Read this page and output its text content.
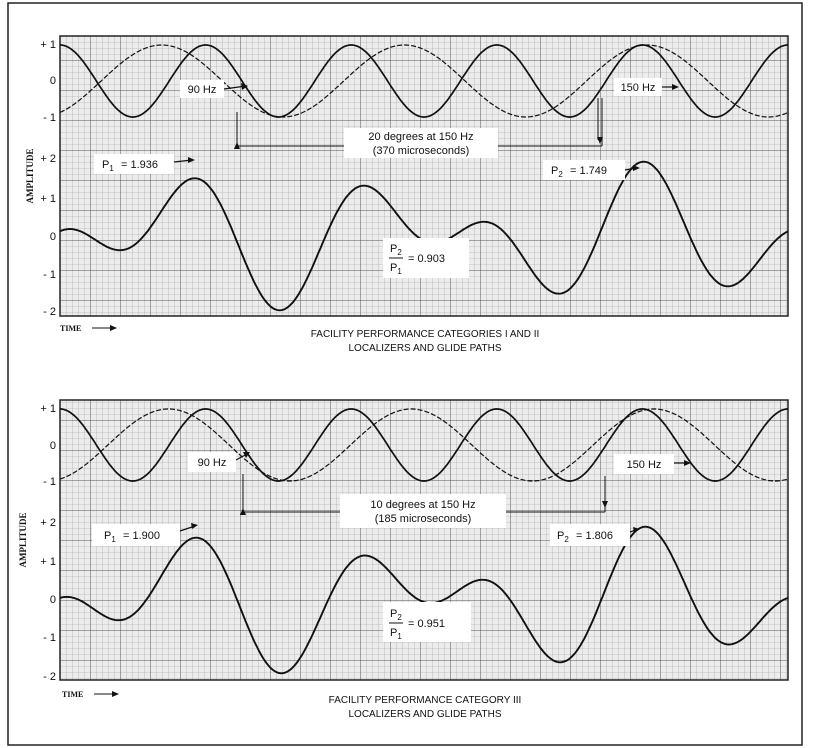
AMPLITUDE
+ 1
0
- 1
+ 2
+ 1
0
- 1
- 2
90 Hz	150 Hz
20 degrees at 150 Hz
(370 microseconds)
$P_1 = 1.936$	$P_2 = 1.749$
$P_2$
$P_1$
= 0.903
TIME
FACILITY PERFORMANCE CATEGORIES I AND II
LOCALIZERS AND GLIDE PATHS
AMPLITUDE
+ 1
0
- 1
+ 2
+ 1
0
- 1
- 2
90 Hz	150 Hz
10 degrees at 150 Hz
(185 microseconds)
$P_1 = 1.900$	$P_2 = 1.806$
$P_2$
$P_1$
= 0.951
TIME
FACILITY PERFORMANCE CATEGORY III
LOCALIZERS AND GLIDE PATHS
